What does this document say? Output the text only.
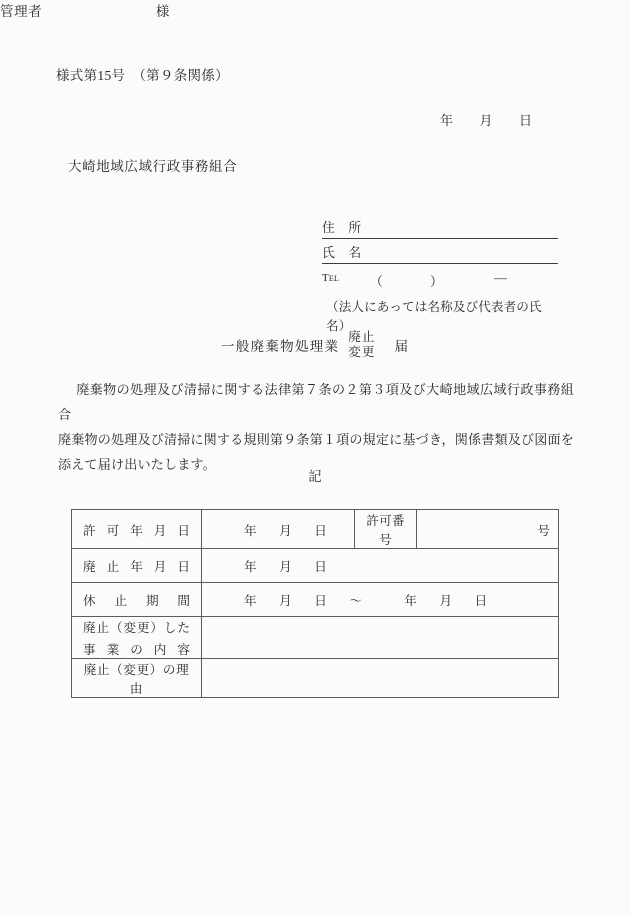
様式第15号　（第９条関係）
年 月 日
大崎地域広域行政事務組合
管理者	様
住　所
氏　名
Tel （	）	―
（法人にあっては名称及び代表者の氏名）
一般廃棄物処理業
廃止
変更 届

廃棄物の処理及び清掃に関する法律第７条の２第３項及び大崎地域広域行政事務組合

廃棄物の処理及び清掃に関する規則第９条第１項の規定に基づき，関係書類及び図面を

添えて届け出いたします。

記
許 可 年 月 日	年 月 日	許可番号	号

廃 止 年 月 日	年 月 日		

休 止 期 間	年 月 日 〜 年 月 日		

廃 止 （ 変 更 ） し た
事 業 の 内 容

廃止（変更）の理由			
